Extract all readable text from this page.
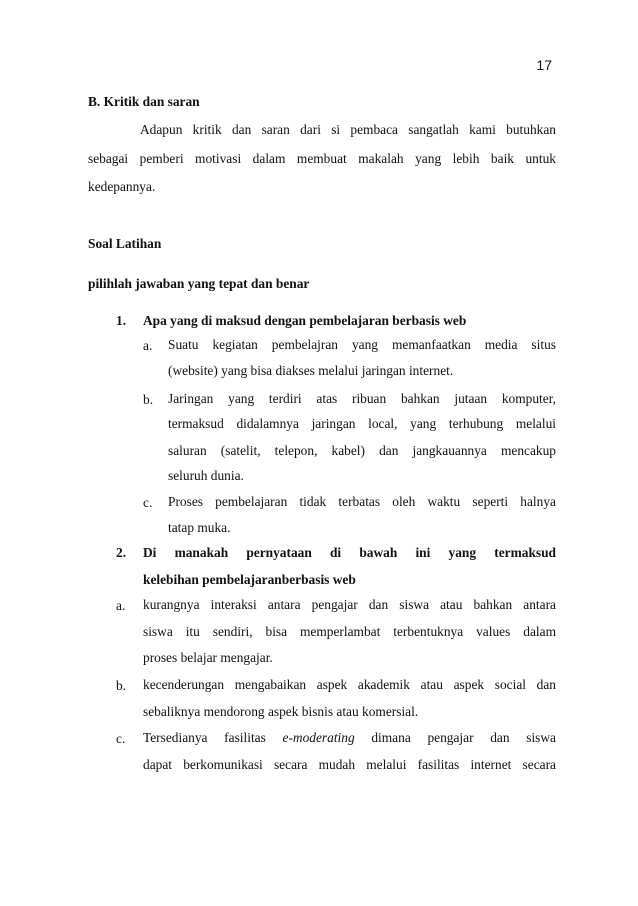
17
B. Kritik dan saran
Adapun kritik dan saran dari si pembaca sangatlah kami butuhkan
sebagai pemberi motivasi dalam membuat makalah yang lebih baik untuk
kedepannya.
Soal Latihan
pilihlah jawaban yang tepat dan benar
1. Apa yang di maksud dengan pembelajaran berbasis web
a. Suatu kegiatan pembelajran yang memanfaatkan media situs
(website) yang bisa diakses melalui jaringan internet.
b. Jaringan yang terdiri atas ribuan bahkan jutaan komputer,
termaksud didalamnya jaringan local, yang terhubung melalui
saluran (satelit, telepon, kabel) dan jangkauannya mencakup
seluruh dunia.
c. Proses pembelajaran tidak terbatas oleh waktu seperti halnya
tatap muka.
2. Di manakah pernyataan di bawah ini yang termaksud
kelebihan pembelajaranberbasis web
a. kurangnya interaksi antara pengajar dan siswa atau bahkan antara
siswa itu sendiri, bisa memperlambat terbentuknya values dalam
proses belajar mengajar.
b. kecenderungan mengabaikan aspek akademik atau aspek social dan
sebaliknya mendorong aspek bisnis atau komersial.
c. Tersedianya fasilitas e-moderating dimana pengajar dan siswa
dapat berkomunikasi secara mudah melalui fasilitas internet secara
